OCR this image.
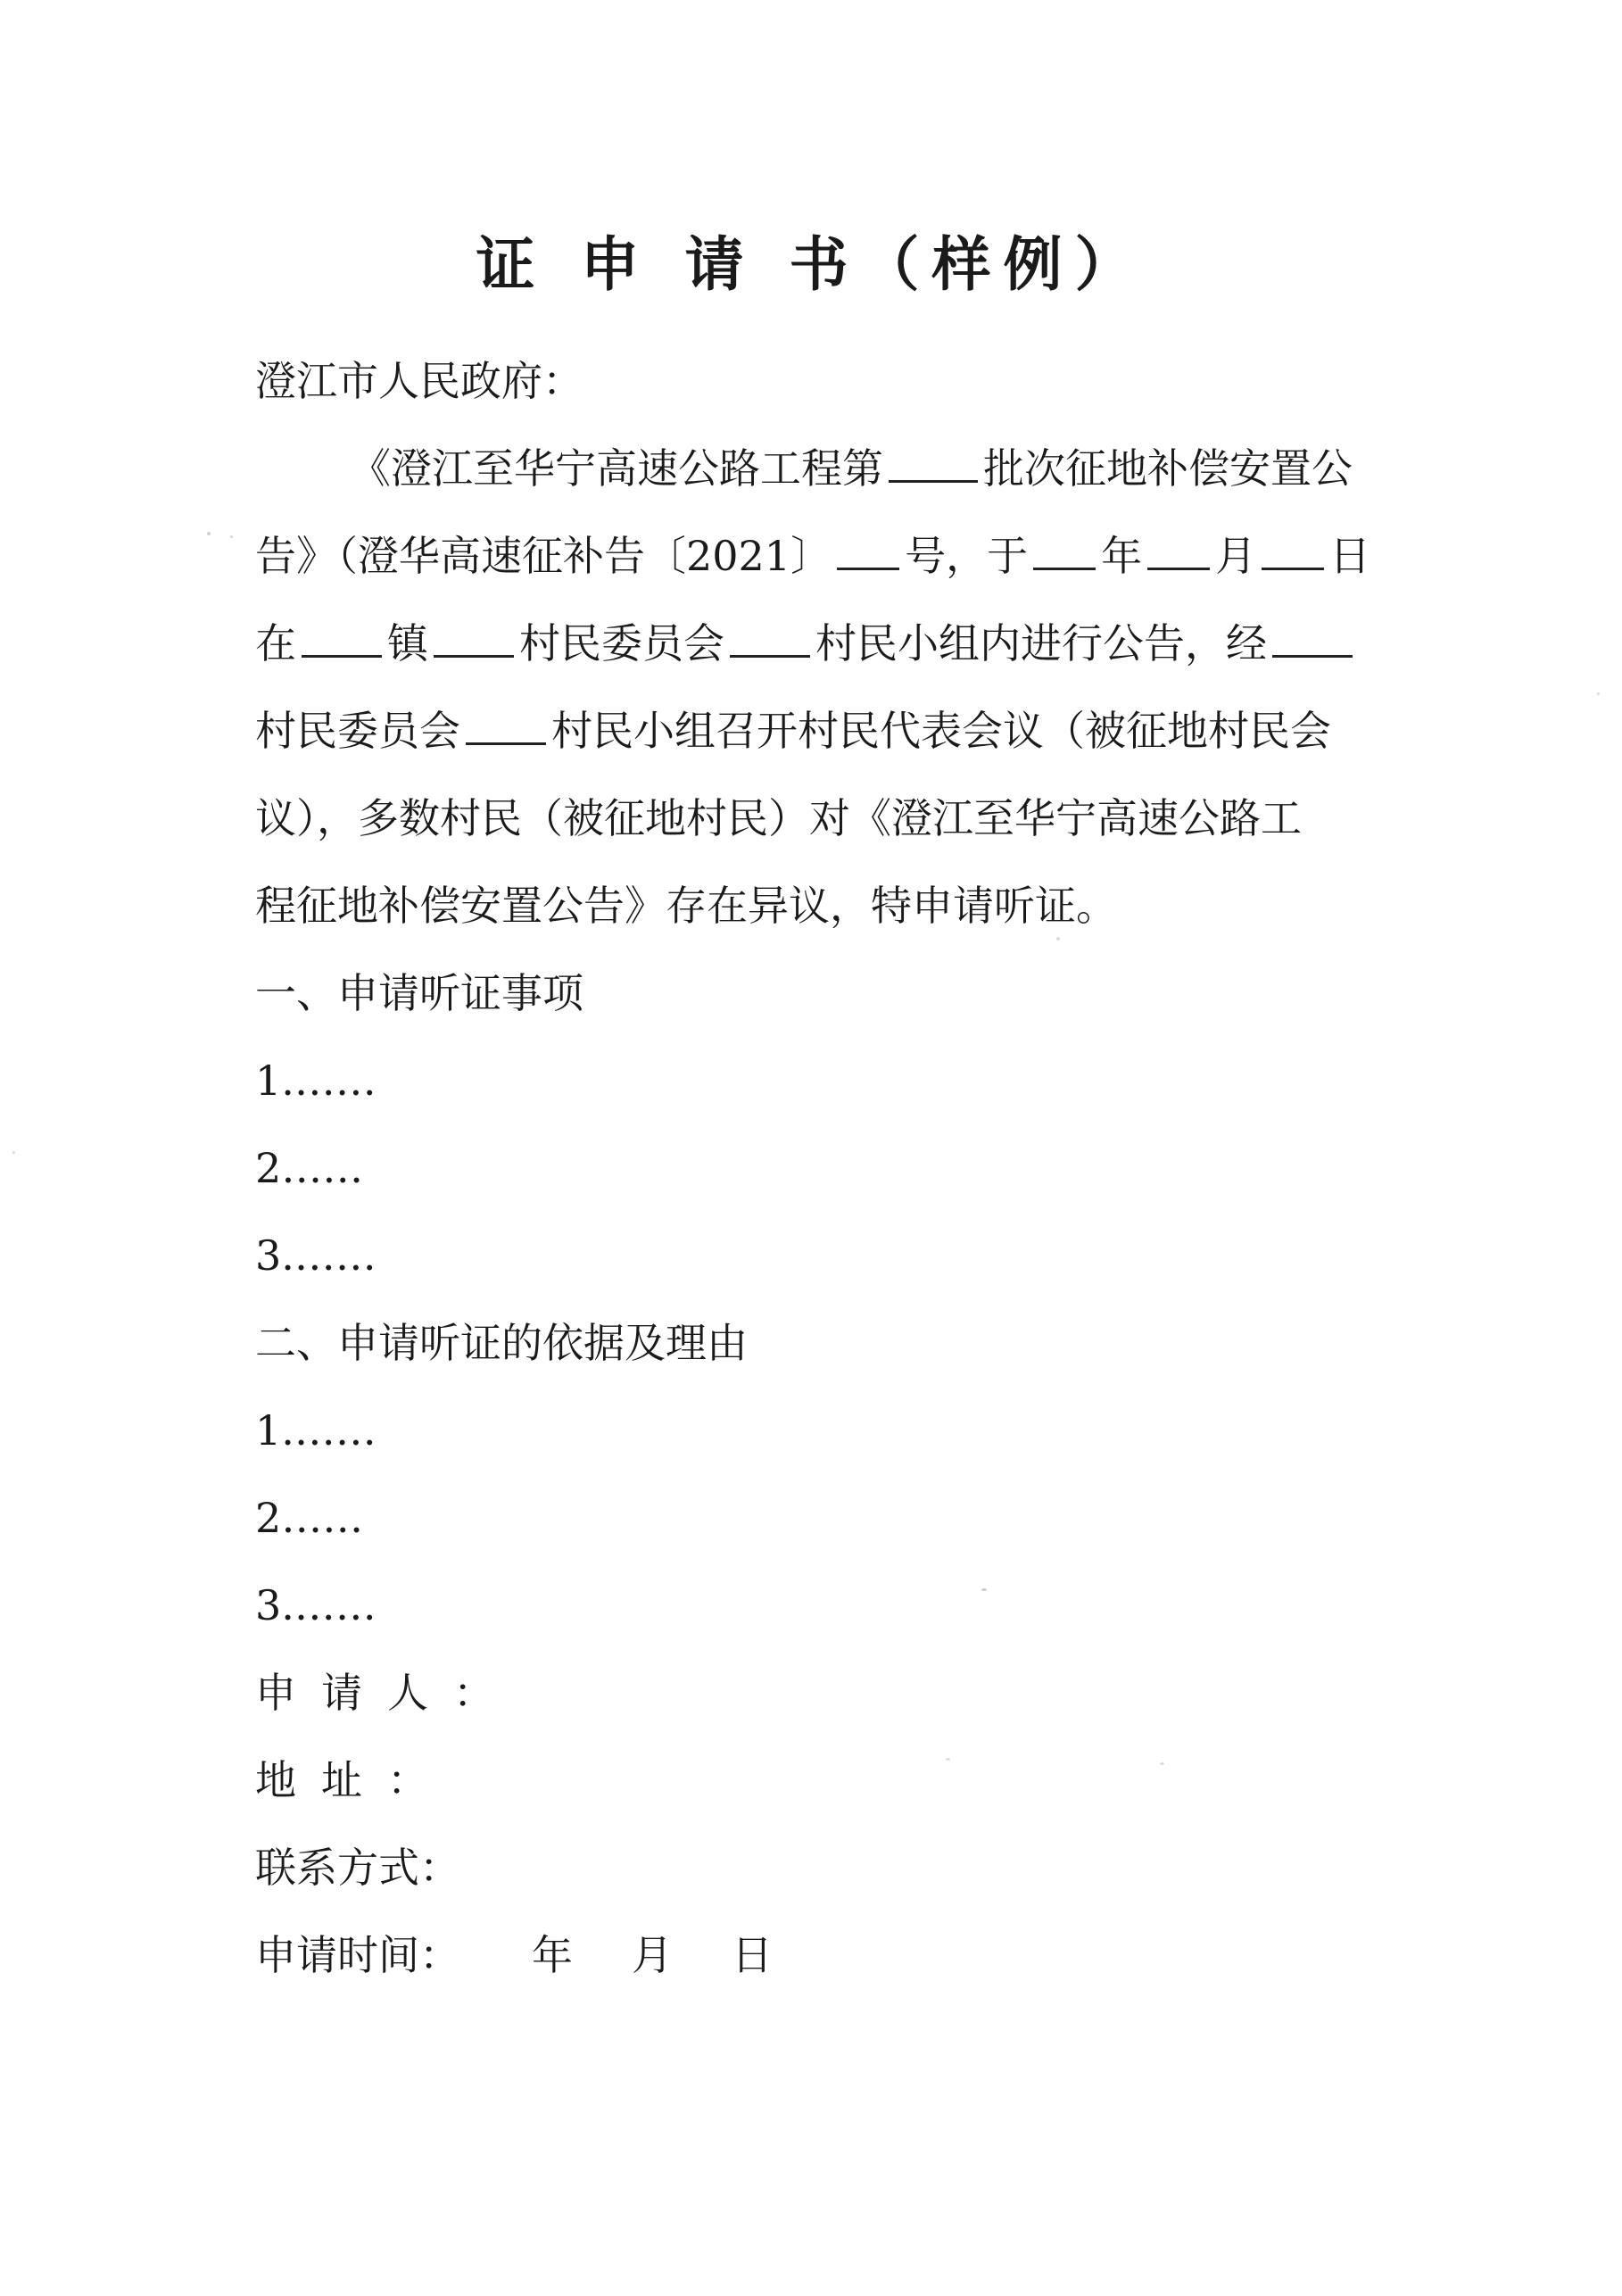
证 申 请 书（样例）
澄江市人民政府：
《澄江至华宁高速公路工程第 批次征地补偿安置公
告》（澄华高速征补告〔2021〕 号，于 年 月 日
在 镇 村民委员会 村民小组内进行公告，经
村民委员会 村民小组召开村民代表会议（被征地村民会
议），多数村民（被征地村民）对《澄江至华宁高速公路工
程征地补偿安置公告》存在异议，特申请听证。
一、申请听证事项
1.……
2……
3.……
二、申请听证的依据及理由
1.……
2……
3.……
申请人：
地址：
联系方式：
申请时间： 年 月 日
